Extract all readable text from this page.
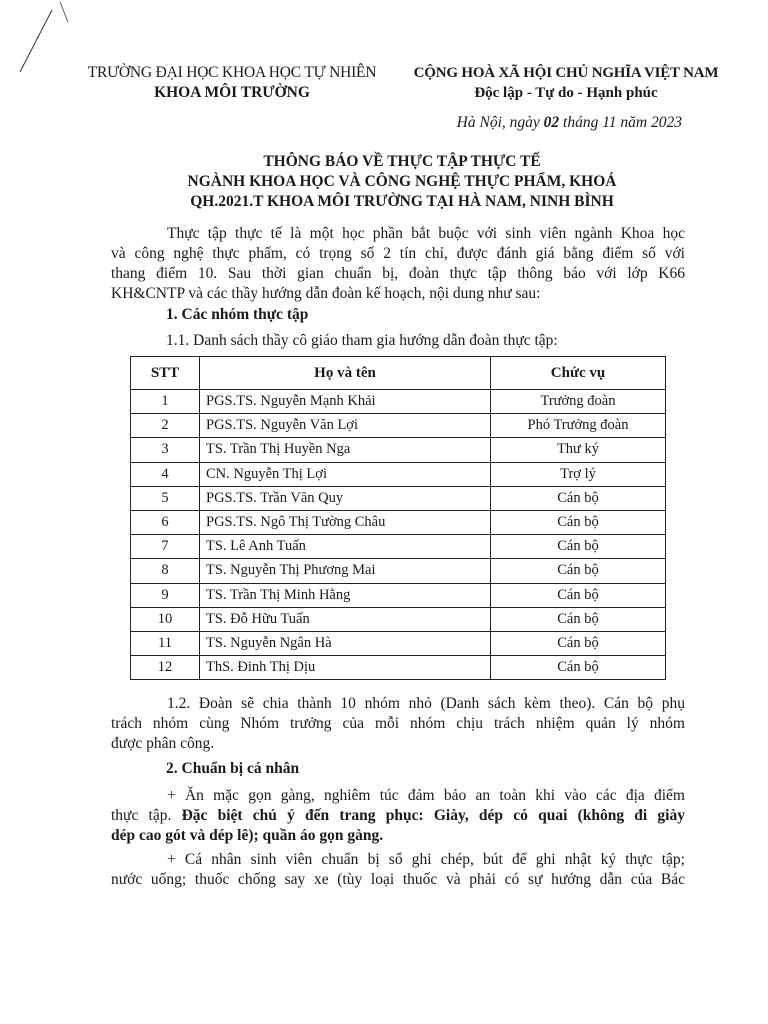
TRƯỜNG ĐẠI HỌC KHOA HỌC TỰ NHIÊN
KHOA MÔI TRƯỜNG
CỘNG HOÀ XÃ HỘI CHỦ NGHĨA VIỆT NAM
Độc lập - Tự do - Hạnh phúc
Hà Nội, ngày 02 tháng 11 năm 2023
THÔNG BÁO VỀ THỰC TẬP THỰC TẾ
NGÀNH KHOA HỌC VÀ CÔNG NGHỆ THỰC PHẨM, KHOÁ
QH.2021.T KHOA MÔI TRƯỜNG TẠI HÀ NAM, NINH BÌNH
Thực tập thực tế là một học phần bắt buộc với sinh viên ngành Khoa học
và công nghệ thực phẩm, có trọng số 2 tín chỉ, được đánh giá bằng điểm số với
thang điểm 10. Sau thời gian chuẩn bị, đoàn thực tập thông báo với lớp K66
KH&CNTP và các thầy hướng dẫn đoàn kế hoạch, nội dung như sau:
1. Các nhóm thực tập
1.1. Danh sách thầy cô giáo tham gia hướng dẫn đoàn thực tập:
STT	Họ và tên	Chức vụ
1	PGS.TS. Nguyễn Mạnh Khải	Trưởng đoàn
2	PGS.TS. Nguyễn Văn Lợi	Phó Trưởng đoàn
3	TS. Trần Thị Huyền Nga	Thư ký
4	CN. Nguyễn Thị Lợi	Trợ lý
5	PGS.TS. Trần Văn Quy	Cán bộ
6	PGS.TS. Ngô Thị Tường Châu	Cán bộ
7	TS. Lê Anh Tuấn	Cán bộ
8	TS. Nguyễn Thị Phương Mai	Cán bộ
9	TS. Trần Thị Minh Hằng	Cán bộ
10	TS. Đỗ Hữu Tuấn	Cán bộ
11	TS. Nguyễn Ngân Hà	Cán bộ
12	ThS. Đinh Thị Dịu	Cán bộ
1.2. Đoàn sẽ chia thành 10 nhóm nhỏ (Danh sách kèm theo). Cán bộ phụ
trách nhóm cùng Nhóm trưởng của mỗi nhóm chịu trách nhiệm quản lý nhóm
được phân công.
2. Chuẩn bị cá nhân
+ Ăn mặc gọn gàng, nghiêm túc đảm bảo an toàn khi vào các địa điểm
thực tập. Đặc biệt chú ý đến trang phục: Giày, dép có quai (không đi giày
dép cao gót và dép lê); quần áo gọn gàng.
+ Cá nhân sinh viên chuẩn bị sổ ghi chép, bút để ghi nhật ký thực tập;
nước uống; thuốc chống say xe (tùy loại thuốc và phải có sự hướng dẫn của Bác
